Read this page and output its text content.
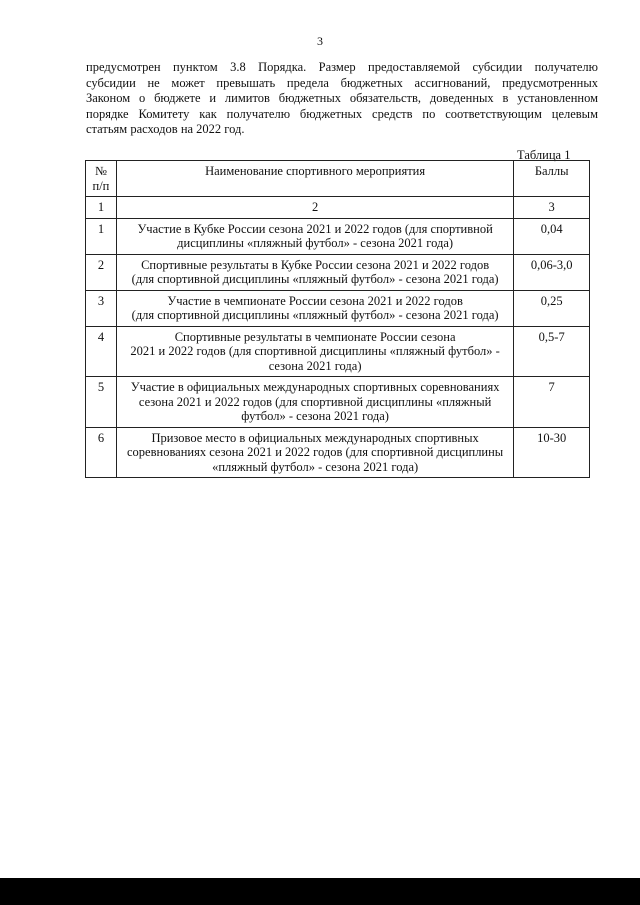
3

предусмотрен пунктом 3.8 Порядка. Размер предоставляемой субсидии получателю
субсидии не может превышать предела бюджетных ассигнований, предусмотренных
Законом о бюджете и лимитов бюджетных обязательств, доведенных в установленном
порядке Комитету как получателю бюджетных средств по соответствующим целевым
статьям расходов на 2022 год.

Таблица 1
№
п/п	Наименование спортивного мероприятия	Баллы
1	2	3
1	Участие в Кубке России сезона 2021 и 2022 годов (для спортивной
дисциплины «пляжный футбол» - сезона 2021 года)	0,04
2	Спортивные результаты в Кубке России сезона 2021 и 2022 годов
(для спортивной дисциплины «пляжный футбол» - сезона 2021 года)	0,06-3,0
3	Участие в чемпионате России сезона 2021 и 2022 годов
(для спортивной дисциплины «пляжный футбол» - сезона 2021 года)	0,25
4	Спортивные результаты в чемпионате России сезона
2021 и 2022 годов (для спортивной дисциплины «пляжный футбол» -
сезона 2021 года)	0,5-7
5	Участие в официальных международных спортивных соревнованиях
сезона 2021 и 2022 годов (для спортивной дисциплины «пляжный
футбол» - сезона 2021 года)	7
6	Призовое место в официальных международных спортивных
соревнованиях сезона 2021 и 2022 годов (для спортивной дисциплины
«пляжный футбол» - сезона 2021 года)	10-30
